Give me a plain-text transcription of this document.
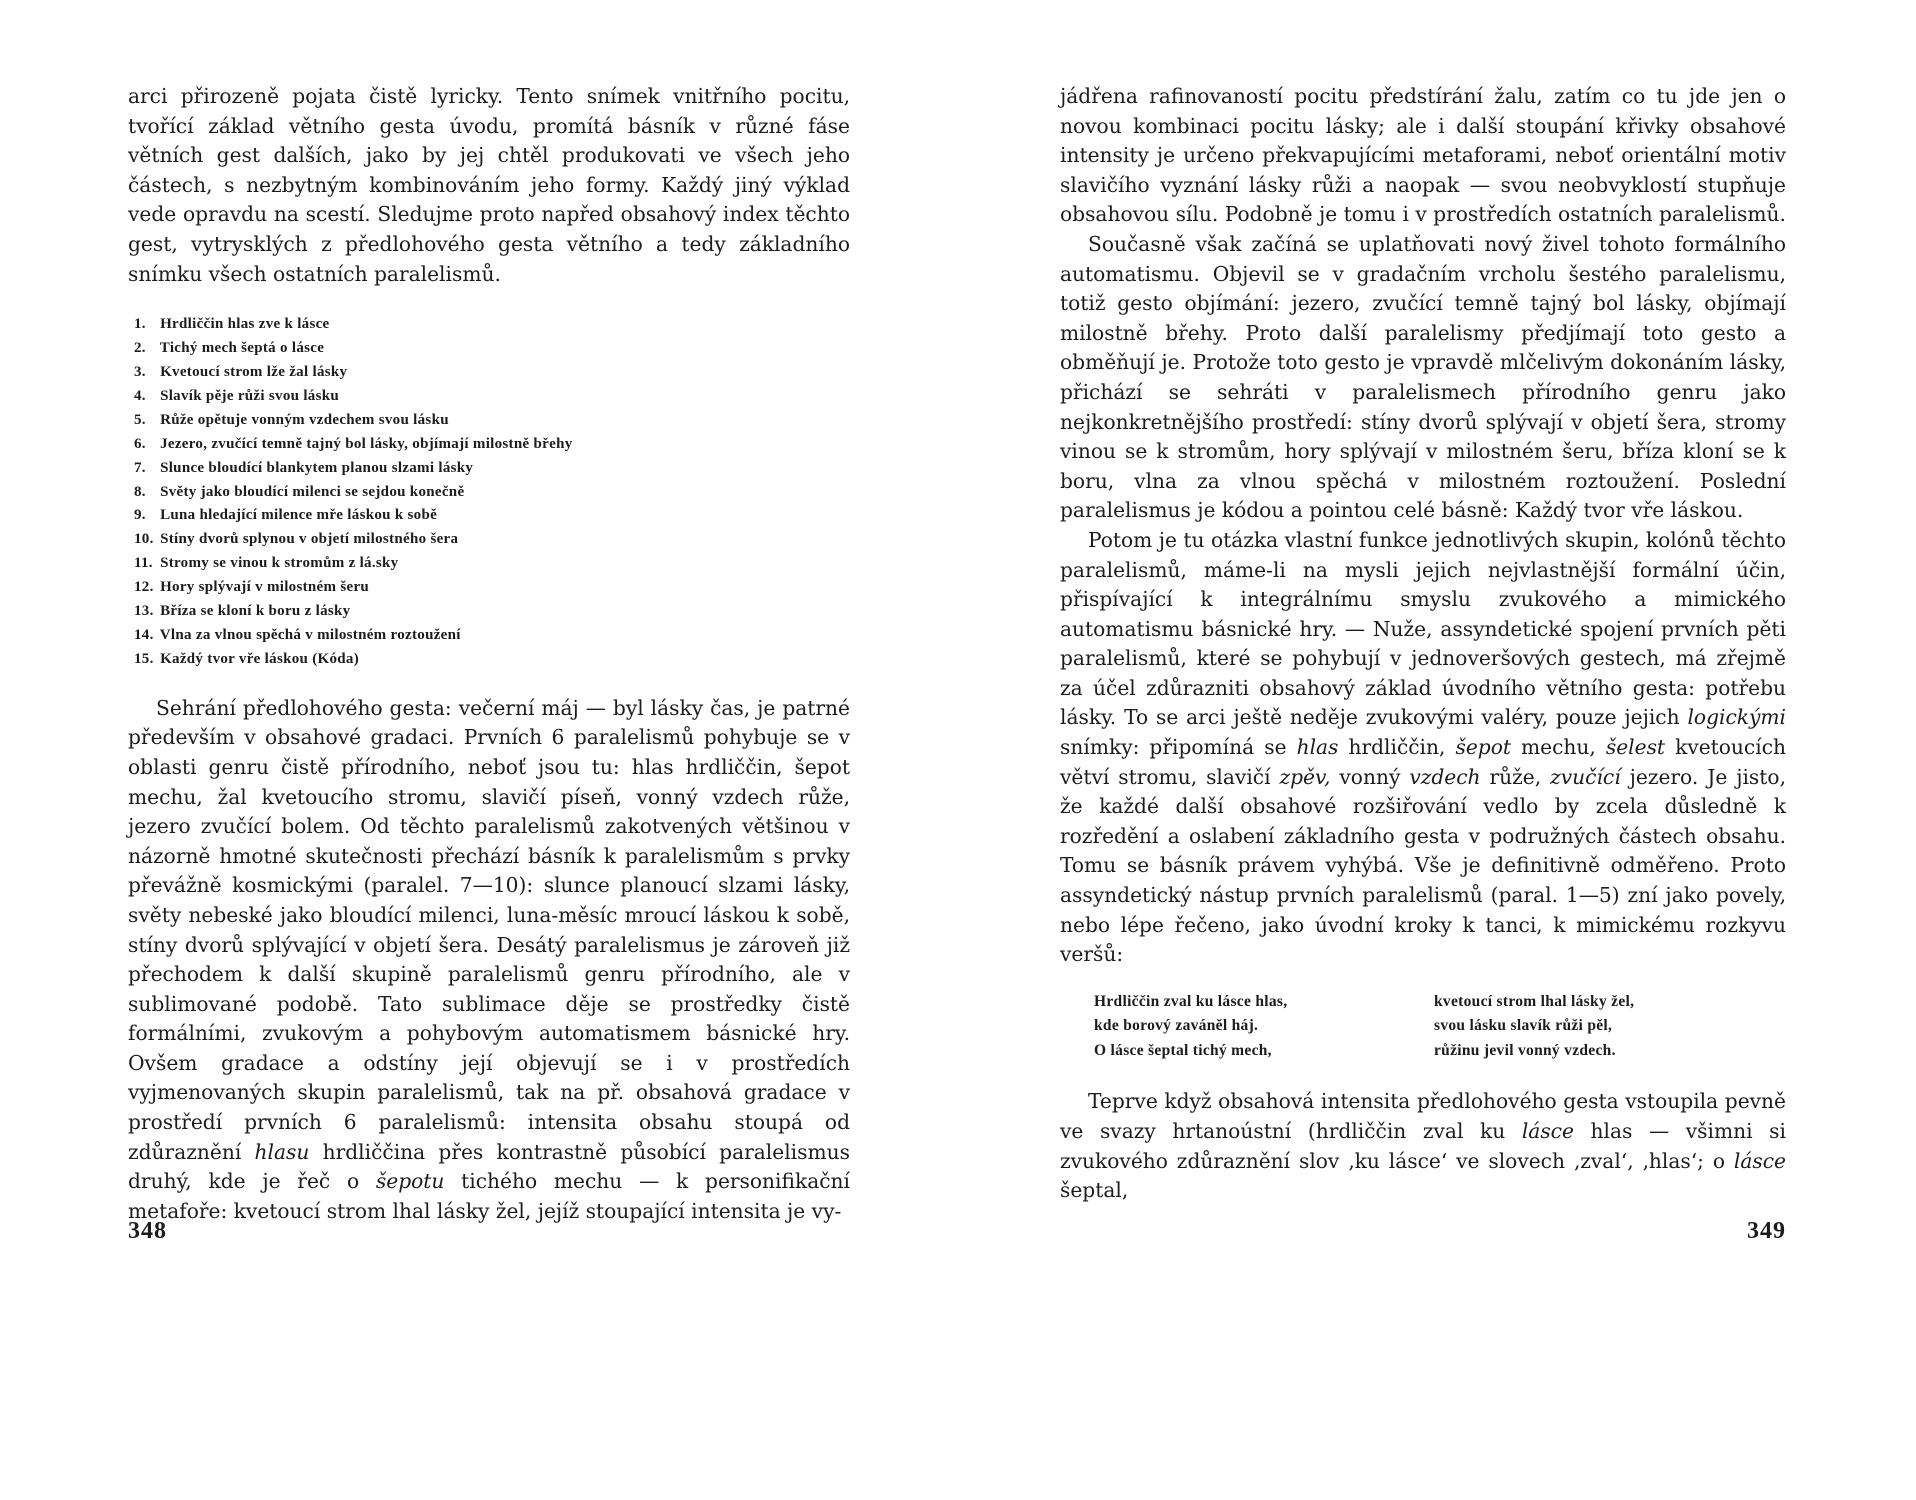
arci přirozeně pojata čistě lyricky. Tento snímek vnitřního pocitu, tvořící základ větního gesta úvodu, promítá básník v různé fáse větních gest dalších, jako by jej chtěl produkovati ve všech jeho částech, s nezbytným kombinováním jeho formy. Každý jiný výklad vede opravdu na scestí. Sledujme proto napřed obsahový index těchto gest, vytrysklých z předlohového gesta větního a tedy základního snímku všech ostatních paralelismů.

1. Hrdliččin hlas zve k lásce
2. Tichý mech šeptá o lásce
3. Kvetoucí strom lže žal lásky
4. Slavík pěje růži svou lásku
5. Růže opětuje vonným vzdechem svou lásku
6. Jezero, zvučící temně tajný bol lásky, objímají milostně břehy
7. Slunce bloudící blankytem planou slzami lásky
8. Světy jako bloudící milenci se sejdou konečně
9. Luna hledající milence mře láskou k sobě
10. Stíny dvorů splynou v objetí milostného šera
11. Stromy se vinou k stromům z lá.sky
12. Hory splývají v milostném šeru
13. Bříza se kloní k boru z lásky
14. Vlna za vlnou spěchá v milostném roztoužení
15. Každý tvor vře láskou (Kóda)

Sehrání předlohového gesta: večerní máj — byl lásky čas, je patrné především v obsahové gradaci. Prvních 6 paralelismů pohybuje se v oblasti genru čistě přírodního, neboť jsou tu: hlas hrdliččin, šepot mechu, žal kvetoucího stromu, slavičí píseň, vonný vzdech růže, jezero zvučící bolem. Od těchto paralelismů zakotvených většinou v názorně hmotné skutečnosti přechází básník k paralelismům s prvky převážně kosmickými (paralel. 7—10): slunce planoucí slzami lásky, světy nebeské jako bloudící milenci, luna-měsíc mroucí láskou k sobě, stíny dvorů splývající v objetí šera. Desátý paralelismus je zároveň již přechodem k další skupině paralelismů genru přírodního, ale v sublimované podobě. Tato sublimace děje se prostředky čistě formálními, zvukovým a pohybovým automatismem básnické hry. Ovšem gradace a odstíny její objevují se i v prostředích vyjmenovaných skupin paralelismů, tak na př. obsahová gradace v prostředí prvních 6 paralelismů: intensita obsahu stoupá od zdůraznění hlasu hrdliččina přes kontrastně působící paralelismus druhý, kde je řeč o šepotu tichého mechu — k personifikační metafoře: kvetoucí strom lhal lásky žel, jejíž stoupající intensita je vy-

348

jádřena rafinovaností pocitu předstírání žalu, zatím co tu jde jen o novou kombinaci pocitu lásky; ale i další stoupání křivky obsahové intensity je určeno překvapujícími metaforami, neboť orientální motiv slavičího vyznání lásky růži a naopak — svou neobvyklostí stupňuje obsahovou sílu. Podobně je tomu i v prostředích ostatních paralelismů.

Současně však začíná se uplatňovati nový živel tohoto formálního automatismu. Objevil se v gradačním vrcholu šestého paralelismu, totiž gesto objímání: jezero, zvučící temně tajný bol lásky, objímají milostně břehy. Proto další paralelismy předjímají toto gesto a obměňují je. Protože toto gesto je vpravdě mlčelivým dokonáním lásky, přichází se sehráti v paralelismech přírodního genru jako nejkonkretnějšího prostředí: stíny dvorů splývají v objetí šera, stromy vinou se k stromům, hory splývají v milostném šeru, bříza kloní se k boru, vlna za vlnou spěchá v milostném roztoužení. Poslední paralelismus je kódou a pointou celé básně: Každý tvor vře láskou.

Potom je tu otázka vlastní funkce jednotlivých skupin, kolónů těchto paralelismů, máme-li na mysli jejich nejvlastnější formální účin, přispívající k integrálnímu smyslu zvukového a mimického automatismu básnické hry. — Nuže, assyndetické spojení prvních pěti paralelismů, které se pohybují v jednoveršových gestech, má zřejmě za účel zdůrazniti obsahový základ úvodního větního gesta: potřebu lásky. To se arci ještě neděje zvukovými valéry, pouze jejich logickými snímky: připomíná se hlas hrdliččin, šepot mechu, šelest kvetoucích větví stromu, slavičí zpěv, vonný vzdech růže, zvučící jezero. Je jisto, že každé další obsahové rozšiřování vedlo by zcela důsledně k rozředění a oslabení základního gesta v podružných částech obsahu. Tomu se básník právem vyhýbá. Vše je definitivně odměřeno. Proto assyndetický nástup prvních paralelismů (paral. 1—5) zní jako povely, nebo lépe řečeno, jako úvodní kroky k tanci, k mimickému rozkyvu veršů:

Hrdliččin zval ku lásce hlas,
kde borový zaváněl háj.
O lásce šeptal tichý mech,
kvetoucí strom lhal lásky žel,
svou lásku slavík růži pěl,
růžinu jevil vonný vzdech.

Teprve když obsahová intensita předlohového gesta vstoupila pevně ve svazy hrtanoústní (hrdliččin zval ku lásce hlas — všimni si zvukového zdůraznění slov ‚ku lásce‘ ve slovech ‚zval‘, ‚hlas‘; o lásce šeptal,

349
